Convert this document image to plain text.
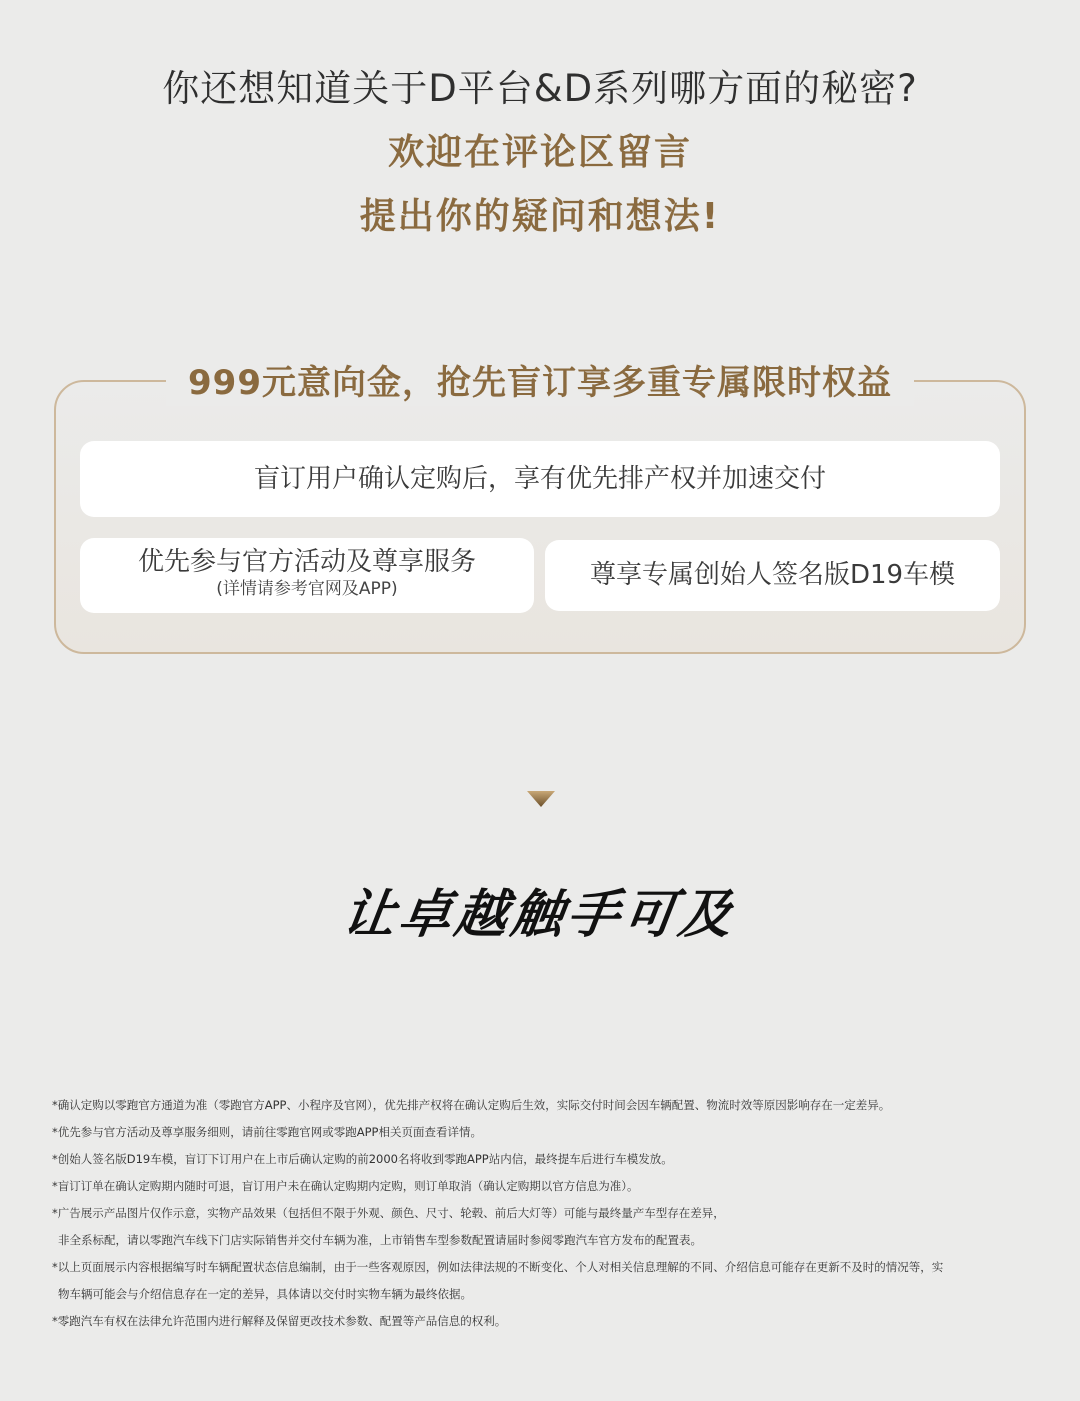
你还想知道关于D平台&D系列哪方面的秘密?
欢迎在评论区留言
提出你的疑问和想法!
999元意向金，抢先盲订享多重专属限时权益
盲订用户确认定购后，享有优先排产权并加速交付
优先参与官方活动及尊享服务
(详情请参考官网及APP)	尊享专属创始人签名版D19车模
让卓越触手可及
*确认定购以零跑官方通道为准（零跑官方APP、小程序及官网），优先排产权将在确认定购后生效，实际交付时间会因车辆配置、物流时效等原因影响存在一定差异。
*优先参与官方活动及尊享服务细则，请前往零跑官网或零跑APP相关页面查看详情。
*创始人签名版D19车模，盲订下订用户在上市后确认定购的前2000名将收到零跑APP站内信，最终提车后进行车模发放。
*盲订订单在确认定购期内随时可退，盲订用户未在确认定购期内定购，则订单取消（确认定购期以官方信息为准）。
*广告展示产品图片仅作示意，实物产品效果（包括但不限于外观、颜色、尺寸、轮毂、前后大灯等）可能与最终量产车型存在差异，
非全系标配，请以零跑汽车线下门店实际销售并交付车辆为准，上市销售车型参数配置请届时参阅零跑汽车官方发布的配置表。
*以上页面展示内容根据编写时车辆配置状态信息编制，由于一些客观原因，例如法律法规的不断变化、个人对相关信息理解的不同、介绍信息可能存在更新不及时的情况等，实
物车辆可能会与介绍信息存在一定的差异，具体请以交付时实物车辆为最终依据。
*零跑汽车有权在法律允许范围内进行解释及保留更改技术参数、配置等产品信息的权利。
